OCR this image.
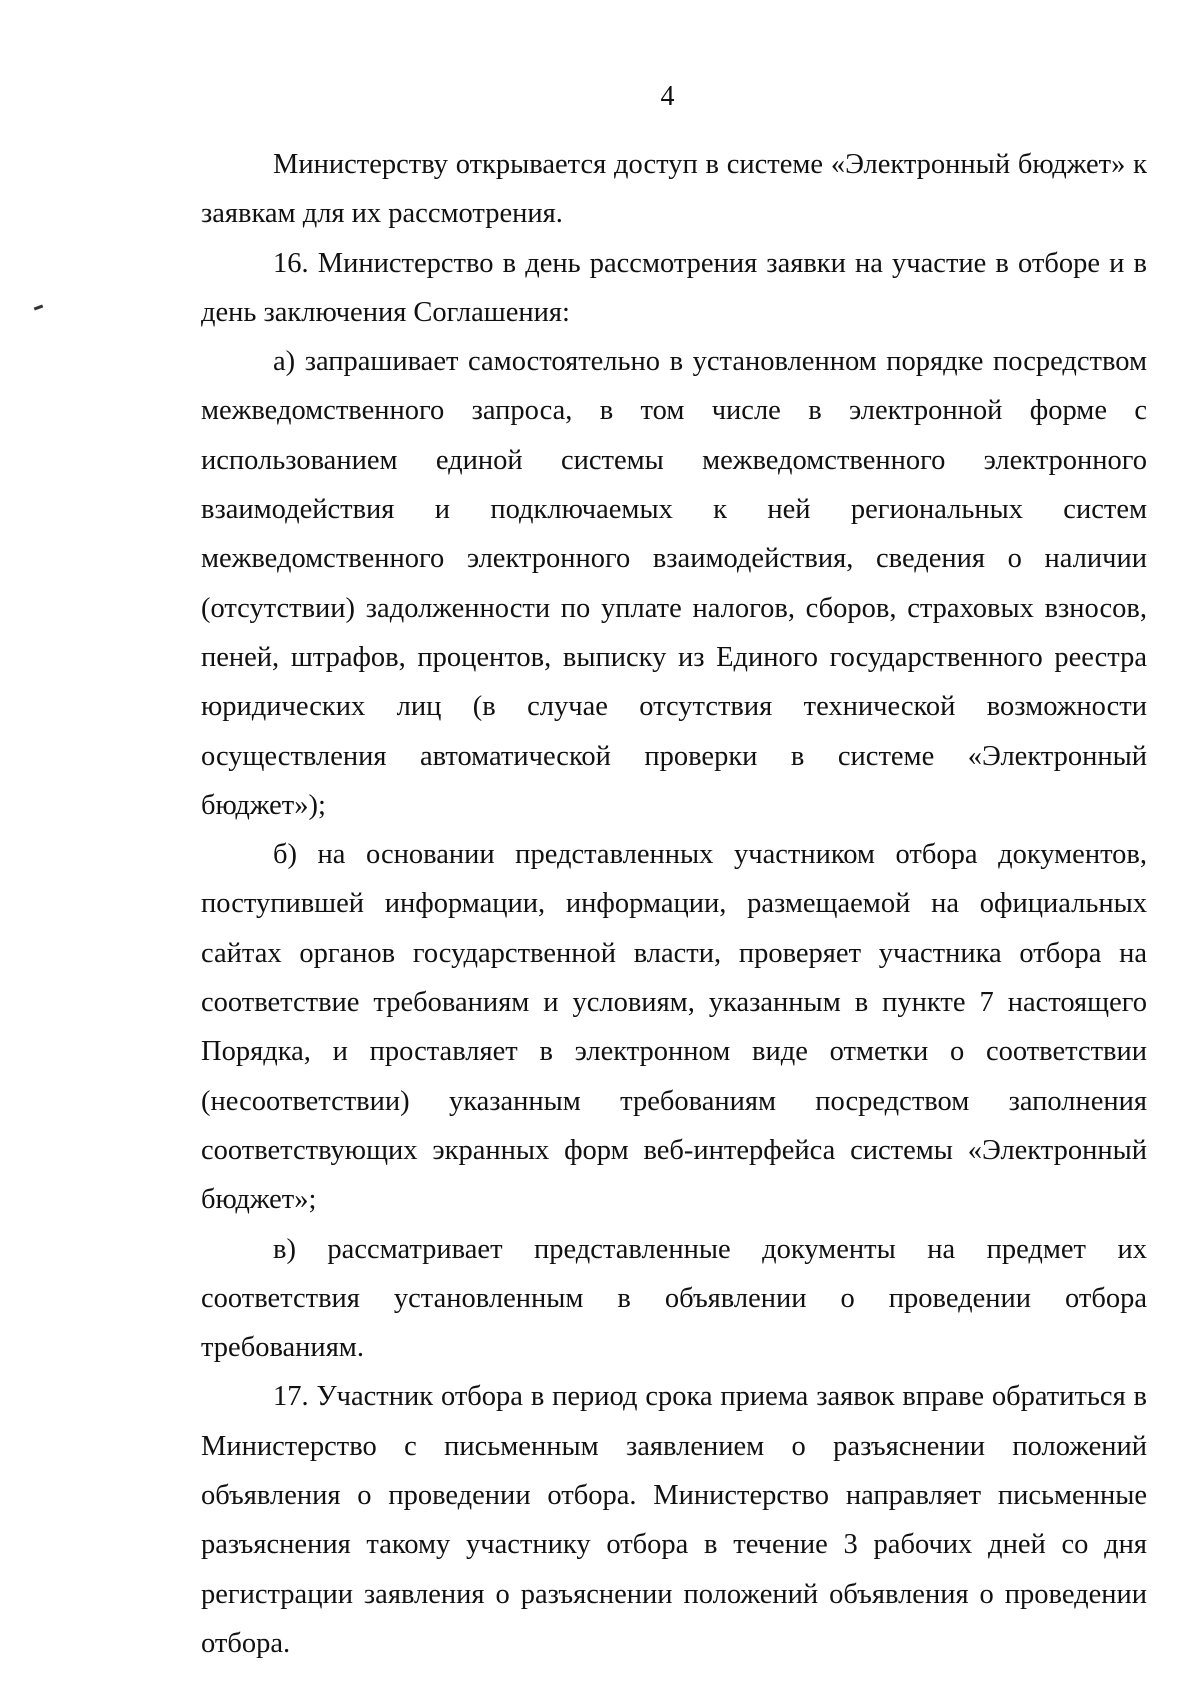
4

Министерству открывается доступ в системе «Электронный бюджет» к заявкам для их рассмотрения.

16. Министерство в день рассмотрения заявки на участие в отборе и в день заключения Соглашения:

а) запрашивает самостоятельно в установленном порядке посредством межведомственного запроса, в том числе в электронной форме с использованием единой системы межведомственного электронного взаимодействия и подключаемых к ней региональных систем межведомственного электронного взаимодействия, сведения о наличии (отсутствии) задолженности по уплате налогов, сборов, страховых взносов, пеней, штрафов, процентов, выписку из Единого государственного реестра юридических лиц (в случае отсутствия технической возможности осуществления автоматической проверки в системе «Электронный бюджет»);

б) на основании представленных участником отбора документов, поступившей информации, информации, размещаемой на официальных сайтах органов государственной власти, проверяет участника отбора на соответствие требованиям и условиям, указанным в пункте 7 настоящего Порядка, и проставляет в электронном виде отметки о соответствии (несоответствии) указанным требованиям посредством заполнения соответствующих экранных форм веб-интерфейса системы «Электронный бюджет»;

в) рассматривает представленные документы на предмет их соответствия установленным в объявлении о проведении отбора требованиям.

17. Участник отбора в период срока приема заявок вправе обратиться в Министерство с письменным заявлением о разъяснении положений объявления о проведении отбора. Министерство направляет письменные разъяснения такому участнику отбора в течение 3 рабочих дней со дня регистрации заявления о разъяснении положений объявления о проведении отбора.
